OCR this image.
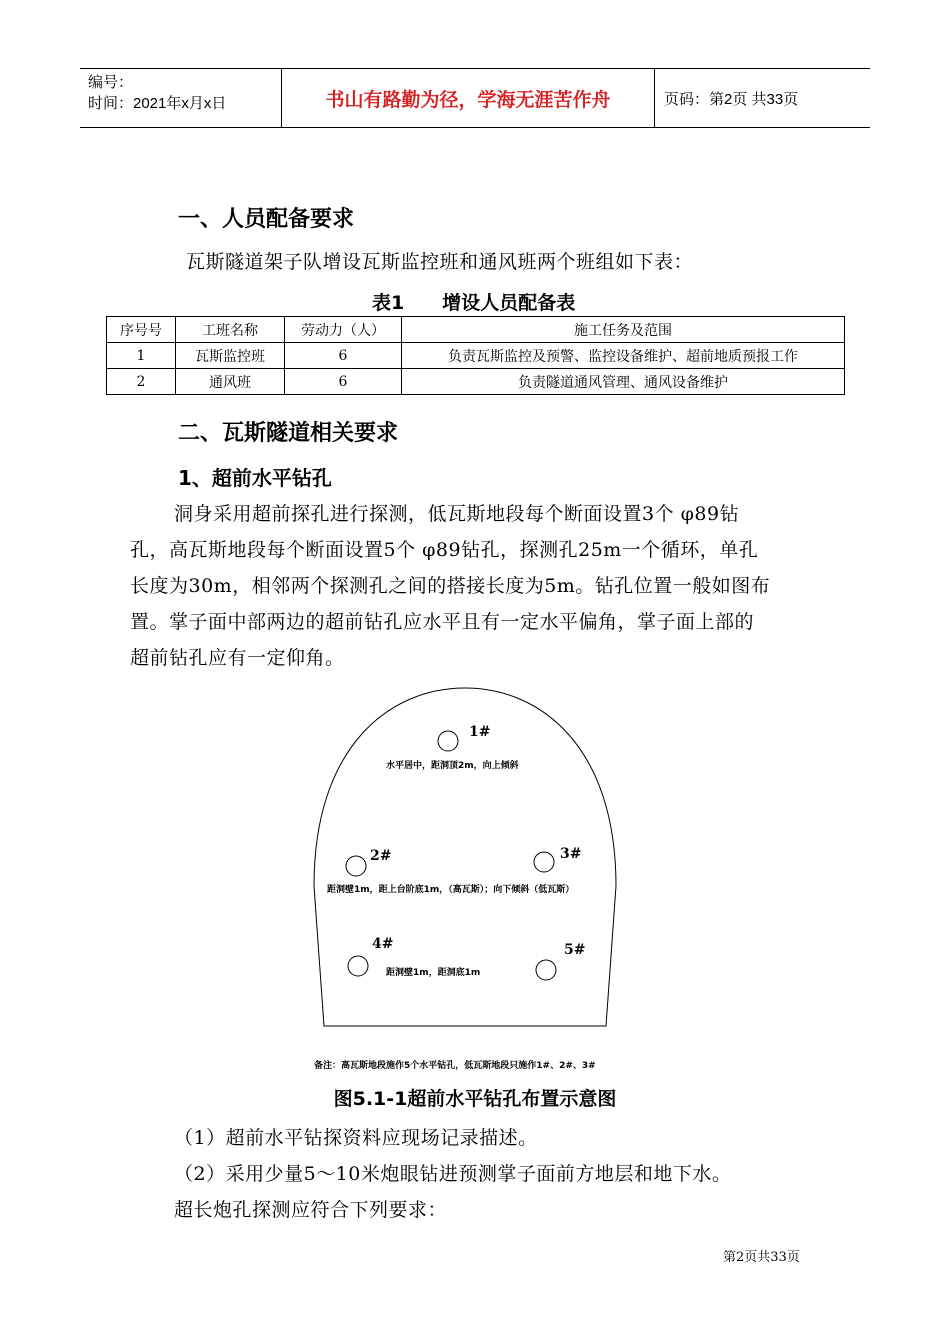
编号：
时间：2021年x月x日	书山有路勤为径，学海无涯苦作舟	页码：第2页 共33页
一、人员配备要求
瓦斯隧道架子队增设瓦斯监控班和通风班两个班组如下表：
表1　　增设人员配备表
序号号	工班名称	劳动力（人）	施工任务及范围
1	瓦斯监控班	6	负责瓦斯监控及预警、监控设备维护、超前地质预报工作
2	通风班	6	负责隧道通风管理、通风设备维护
二、瓦斯隧道相关要求
1、超前水平钻孔
洞身采用超前探孔进行探测，低瓦斯地段每个断面设置3个 φ89钻
孔，高瓦斯地段每个断面设置5个 φ89钻孔，探测孔25m一个循环，单孔
长度为30m，相邻两个探测孔之间的搭接长度为5m。钻孔位置一般如图布
置。掌子面中部两边的超前钻孔应水平且有一定水平偏角，掌子面上部的
超前钻孔应有一定仰角。
1#
2#	3#
4#	5#
水平居中，距洞顶2m，向上倾斜
距洞壁1m，距上台阶底1m，（高瓦斯）；向下倾斜（低瓦斯）
距洞壁1m，距洞底1m
备注：高瓦斯地段施作5个水平钻孔，低瓦斯地段只施作1#、2#、3#
图5.1-1超前水平钻孔布置示意图
（1）超前水平钻探资料应现场记录描述。
（2）采用少量5～10米炮眼钻进预测掌子面前方地层和地下水。
超长炮孔探测应符合下列要求：
第2页共33页
